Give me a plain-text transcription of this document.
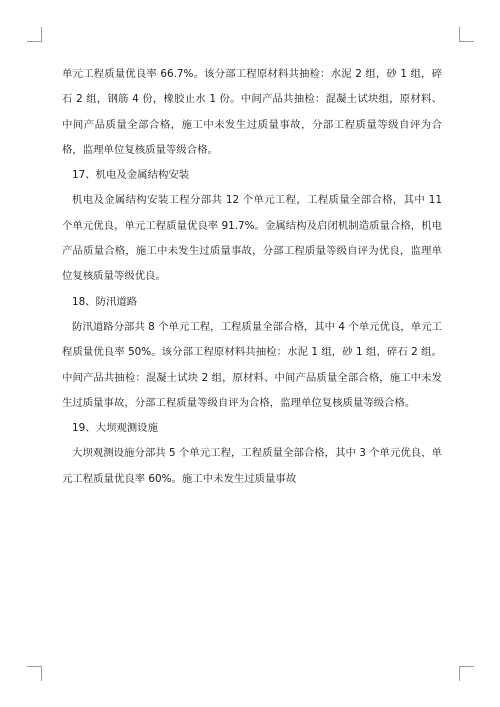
单元工程质量优良率 66.7%。该分部工程原材料共抽检：水泥 2 组，砂 1 组，碎石 2 组，钢筋 4 份，橡胶止水 1 份。中间产品共抽检：混凝土试块组，原材料、中间产品质量全部合格，施工中未发生过质量事故，分部工程质量等级自评为合格，监理单位复核质量等级合格。

17、机电及金属结构安装

机电及金属结构安装工程分部共 12 个单元工程，工程质量全部合格，其中 11 个单元优良，单元工程质量优良率 91.7%。金属结构及启闭机制造质量合格，机电产品质量合格，施工中未发生过质量事故，分部工程质量等级自评为优良，监理单位复核质量等级优良。

18、防汛道路

防汛道路分部共 8 个单元工程，工程质量全部合格，其中 4 个单元优良，单元工程质量优良率 50%。该分部工程原材料共抽检：水泥 1 组，砂 1 组，碎石 2 组。中间产品共抽检：混凝土试块 2 组，原材料、中间产品质量全部合格，施工中未发生过质量事故，分部工程质量等级自评为合格，监理单位复核质量等级合格。

19、大坝观测设施

大坝观测设施分部共 5 个单元工程，工程质量全部合格，其中 3 个单元优良，单元工程质量优良率 60%。施工中未发生过质量事故
